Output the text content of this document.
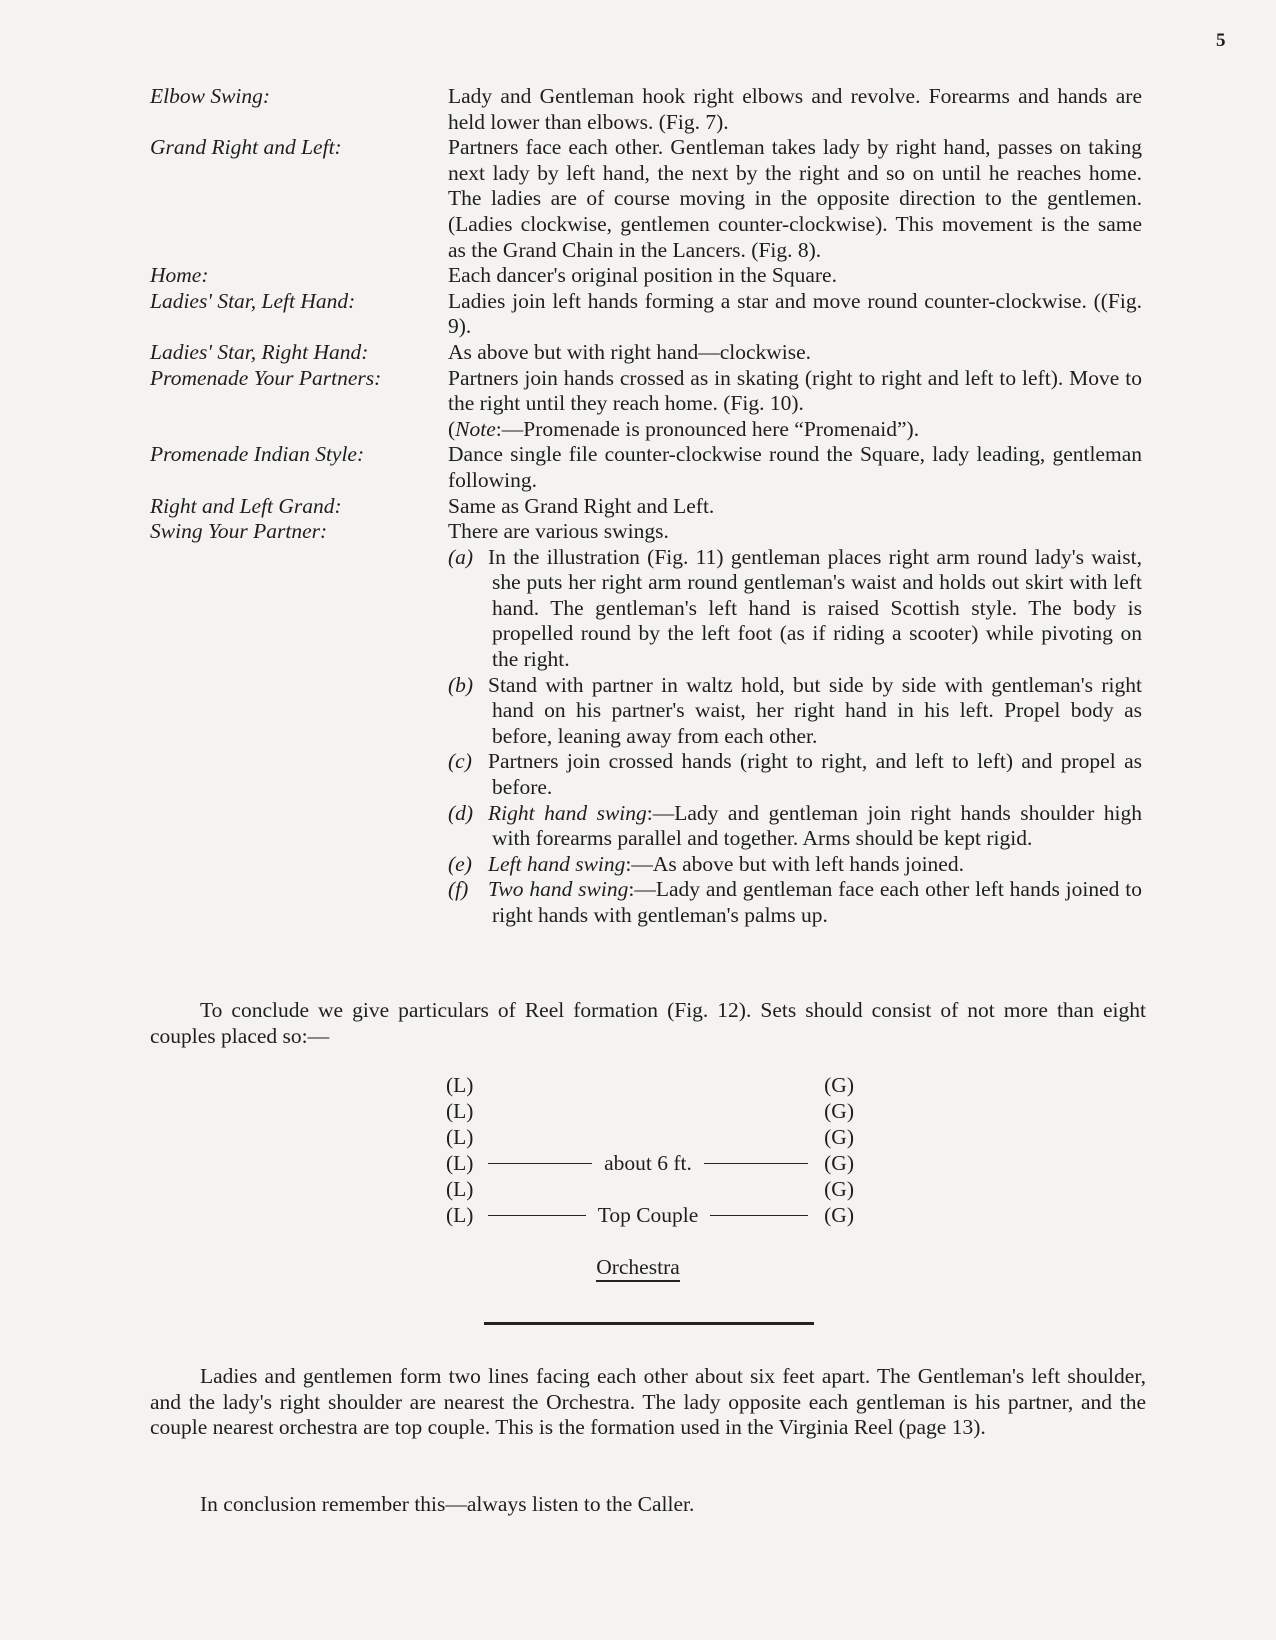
5
Elbow Swing:	Lady and Gentleman hook right elbows and revolve. Forearms and hands are held lower than elbows. (Fig. 7).
Grand Right and Left:	Partners face each other. Gentleman takes lady by right hand, passes on taking next lady by left hand, the next by the right and so on until he reaches home. The ladies are of course moving in the opposite direction to the gentlemen. (Ladies clockwise, gentlemen counter-clockwise). This movement is the same as the Grand Chain in the Lancers. (Fig. 8).
Home:	Each dancer's original position in the Square.
Ladies' Star, Left Hand:	Ladies join left hands forming a star and move round counter-clockwise. ((Fig. 9).
Ladies' Star, Right Hand:	As above but with right hand—clockwise.
Promenade Your Partners:	Partners join hands crossed as in skating (right to right and left to left). Move to the right until they reach home. (Fig. 10).

(Note:—Promenade is pronounced here “Promenaid”).

Promenade Indian Style:	Dance single file counter-clockwise round the Square, lady leading, gentleman following.
Right and Left Grand:	Same as Grand Right and Left.
Swing Your Partner:	There are various swings.

(a) In the illustration (Fig. 11) gentleman places right arm round lady's waist, she puts her right arm round gentleman's waist and holds out skirt with left hand. The gentleman's left hand is raised Scottish style. The body is propelled round by the left foot (as if riding a scooter) while pivoting on the right.
(b) Stand with partner in waltz hold, but side by side with gentleman's right hand on his partner's waist, her right hand in his left. Propel body as before, leaning away from each other.
(c) Partners join crossed hands (right to right, and left to left) and propel as before.
(d) Right hand swing:—Lady and gentleman join right hands shoulder high with forearms parallel and together. Arms should be kept rigid.
(e) Left hand swing:—As above but with left hands joined.
(f) Two hand swing:—Lady and gentleman face each other left hands joined to right hands with gentleman's palms up.

To conclude we give particulars of Reel formation (Fig. 12). Sets should consist of not more than eight couples placed so:—

(L)	(G)
(L)	(G)
(L)	(G)
(L)	about 6 ft.	(G)
(L)	(G)
(L)	Top Couple	(G)
Orchestra

Ladies and gentlemen form two lines facing each other about six feet apart. The Gentleman's left shoulder, and the lady's right shoulder are nearest the Orchestra. The lady opposite each gentleman is his partner, and the couple nearest orchestra are top couple. This is the formation used in the Virginia Reel (page 13).

In conclusion remember this—always listen to the Caller.
